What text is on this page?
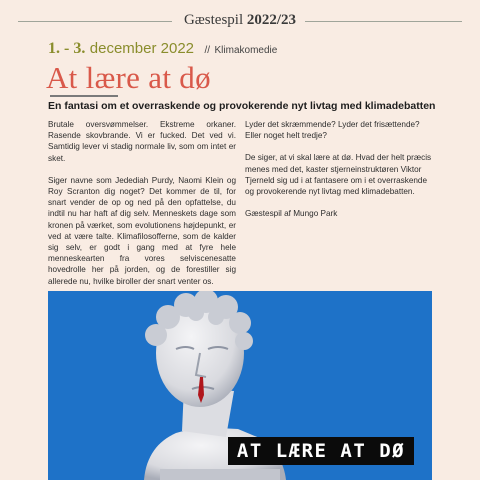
Gæstespil 2022/23
1. - 3. december 2022 // Klimakomedie
At lære at dø
En fantasi om et overraskende og provokerende nyt livtag med klimadebatten

Brutale oversvømmelser. Ekstreme orkaner. Rasende skovbrande. Vi er fucked. Det ved vi. Samtidig lever vi stadig normale liv, som om intet er sket.

Siger navne som Jedediah Purdy, Naomi Klein og Roy Scranton dig noget? Det kommer de til, for snart vender de op og ned på den opfattelse, du indtil nu har haft af dig selv. Menneskets dage som kronen på værket, som evolutionens højdepunkt, er ved at være talte. Klimafilosofferne, som de kalder sig selv, er godt i gang med at fyre hele menneskearten fra vores selviscenesatte hovedrolle her på jorden, og de forestiller sig allerede nu, hvilke biroller der snart venter os.

Lyder det skræmmende? Lyder det frisættende? Eller noget helt tredje?

De siger, at vi skal lære at dø. Hvad der helt præcis menes med det, kaster stjerneinstruktøren Viktor Tjerneld sig ud i at fantasere om i et overraskende og provokerende nyt livtag med klimadebatten.

Gæstespil af Mungo Park

AT LÆRE AT DØ
